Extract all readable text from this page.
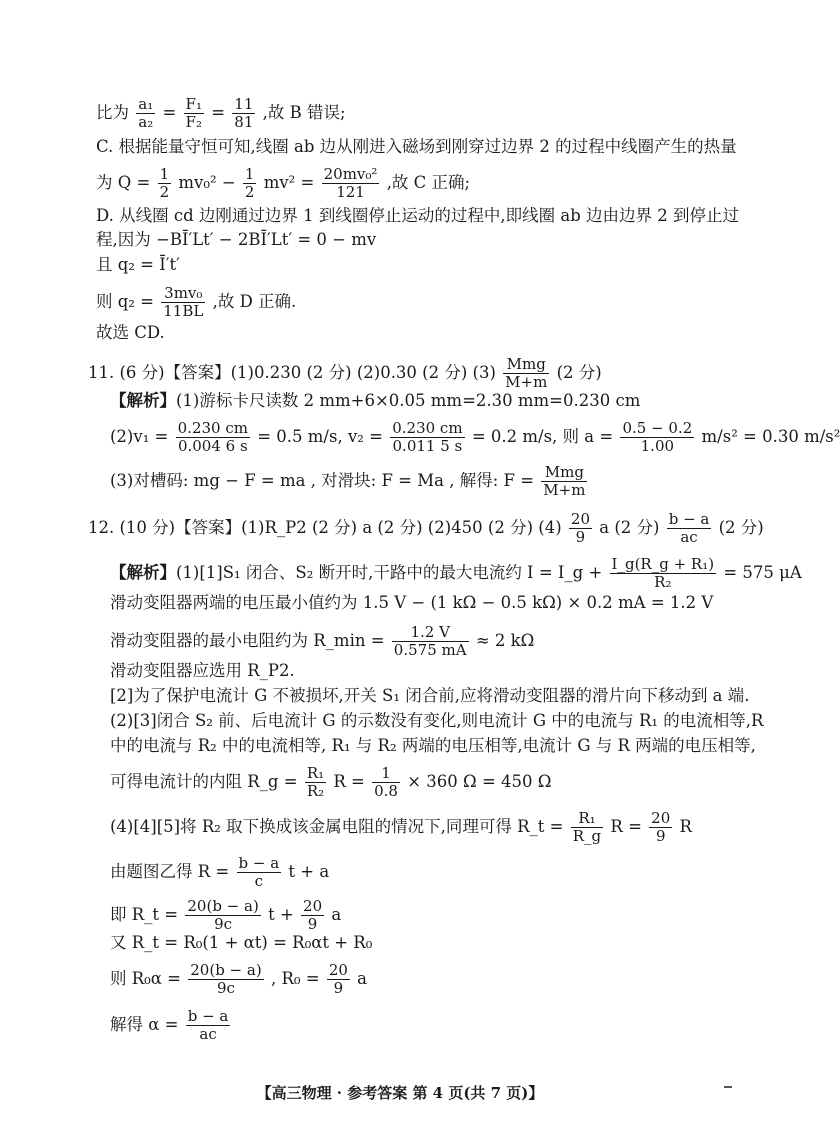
比为 $\frac{\text{a₁}}{\text{a₂}} = \frac{\text{F₁}}{\text{F₂}} = \frac{11}{81}$ ,故 B 错误;
C. 根据能量守恒可知,线圈 ab 边从刚进入磁场到刚穿过边界 2 的过程中线圈产生的热量
为 $Q = \frac{1}{2} mv_0^2 - \frac{1}{2} mv^2 = \frac{\text{20mv₀²}}{121}$ ,故 C 正确;
D. 从线圈 cd 边刚通过边界 1 到线圈停止运动的过程中,即线圈 ab 边由边界 2 到停止过
程,因为 −BĪ′Lt′ − 2BĪ′Lt′ = 0 − mv
且 q₂ = Ī′t′
则 $q_2 = \frac{\text{3mv₀}}{11BL}$ ,故 D 正确.
故选 CD.
11. (6 分)【答案】(1)0.230 (2 分) (2)0.30 (2 分) $(3) \frac{\text{Mmg}}{M+m} (2$ 分)
【解析】(1)游标卡尺读数 2 mm+6×0.05 mm=2.30 mm=0.230 cm
$(2)v_1 = \frac{0.230 cm}{0.004 6 s} = 0.5$ m/s, $v_2 = \frac{0.230 cm}{0.011 5 s} = 0.2$ m/s, 则 $a = \frac{0.5 - 0.2}{1.00} m/s^2 = 0.30$ m/s²
(3)对槽码: mg − F = ma , 对滑块: F = Ma , 解得: $F = \frac{\text{Mmg}}{M+m}$
12. (10 分)【答案】(1)R_P2 (2 分) a (2 分) (2)450 (2 分) $(4) \frac{20}{9}$ a (2 分) $\frac{b - a}{ac} (2$ 分)
【解析】(1)[1]S₁ 闭合、S₂ 断开时,干路中的最大电流约 I = I_g + $\frac{\text{I\_g(R\_g + R₁)}}{\text{R₂}} = 575$ μA
滑动变阻器两端的电压最小值约为 1.5 V − (1 kΩ − 0.5 kΩ) × 0.2 mA = 1.2 V
滑动变阻器的最小电阻约为 R_min = $\frac{1.2 V}{0.575 mA} \approx 2$ kΩ
滑动变阻器应选用 R_P2.
[2]为了保护电流计 G 不被损坏,开关 S₁ 闭合前,应将滑动变阻器的滑片向下移动到 a 端.
(2)[3]闭合 S₂ 前、后电流计 G 的示数没有变化,则电流计 G 中的电流与 R₁ 的电流相等,R
中的电流与 R₂ 中的电流相等, R₁ 与 R₂ 两端的电压相等,电流计 G 与 R 两端的电压相等,
可得电流计的内阻 R_g = $\frac{\text{R₁}}{\text{R₂}}$ $R = \frac{1}{0.8} \times 360$ Ω = 450 Ω
(4)[4][5]将 R₂ 取下换成该金属电阻的情况下,同理可得 R_t = $\frac{\text{R₁}}{R\_g}$ $R = \frac{20}{9}$ R
由题图乙得 $R = \frac{b - a}{c}$ t + a
即 R_t = $\frac{20(b - a)}{9c}$ $t + \frac{20}{9}$ a
又 R_t = R₀(1 + αt) = R₀αt + R₀
则 $R_0\alpha = \frac{20(b - a)}{9c}$ , $R_0 = \frac{20}{9}$ a
解得 $\alpha = \frac{b - a}{ac}$
【高三物理 · 参考答案 第 4 页(共 7 页)】
